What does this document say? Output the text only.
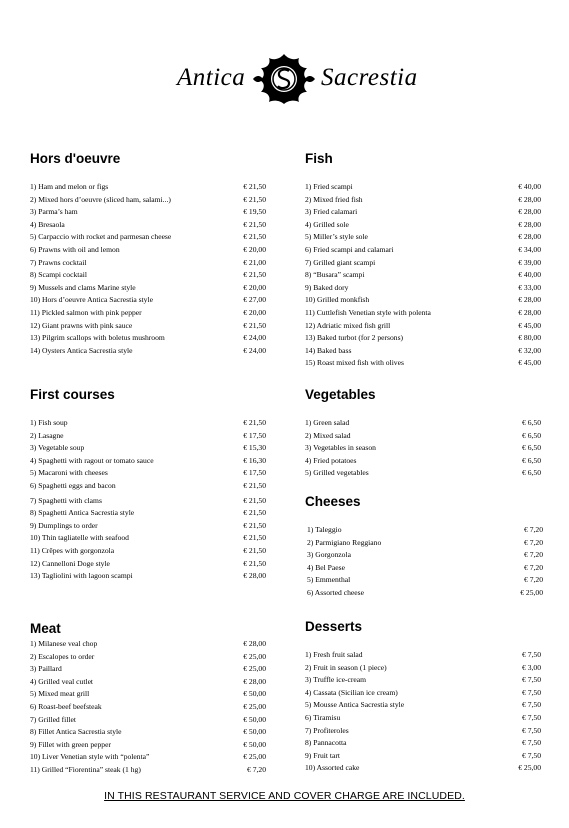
Antica	Sacrestia
Hors d'oeuvre
1) Ham and melon or figs	€ 21,50
2) Mixed hors d’oeuvre (sliced ham, salami...)	€ 21,50
3) Parma’s ham	€ 19,50
4) Bresaola	€ 21,50
5) Carpaccio with rocket and parmesan cheese	€ 21,50
6) Prawns with oil and lemon	€ 20,00
7) Prawns cocktail	€ 21,00
8) Scampi cocktail	€ 21,50
9) Mussels and clams Marine style	€ 20,00
10) Hors d’oeuvre Antica Sacrestia style	€ 27,00
11) Pickled salmon with pink pepper	€ 20,00
12) Giant prawns with pink sauce	€ 21,50
13) Pilgrim scallops with boletus mushroom	€ 24,00
14) Oysters Antica Sacrestia style	€ 24,00
First courses
1) Fish soup	€ 21,50
2) Lasagne	€ 17,50
3) Vegetable soup	€ 15,30
4) Spaghetti with ragout or tomato sauce	€ 16,30
5) Macaroni with cheeses	€ 17,50
6) Spaghetti eggs and bacon	€ 21,50
7) Spaghetti with clams	€ 21,50
8) Spaghetti Antica Sacrestia style	€ 21,50
9) Dumplings to order	€ 21,50
10) Thin tagliatelle with seafood	€ 21,50
11) Crêpes with gorgonzola	€ 21,50
12) Cannelloni Doge style	€ 21,50
13) Tagliolini with lagoon scampi	€ 28,00
Meat
1) Milanese veal chop	€ 28,00
2) Escalopes to order	€ 25,00
3) Paillard	€ 25,00
4) Grilled veal cutlet	€ 28,00
5) Mixed meat grill	€ 50,00
6) Roast-beef beefsteak	€ 25,00
7) Grilled fillet	€ 50,00
8) Fillet Antica Sacrestia style	€ 50,00
9) Fillet with green pepper	€ 50,00
10) Liver Venetian style with “polenta”	€ 25,00
11) Grilled “Fiorentina” steak (1 hg)	€ 7,20
Fish
1) Fried scampi	€ 40,00
2) Mixed fried fish	€ 28,00
3) Fried calamari	€ 28,00
4) Grilled sole	€ 28,00
5) Miller’s style sole	€ 28,00
6) Fried scampi and calamari	€ 34,00
7) Grilled giant scampi	€ 39,00
8) “Busara” scampi	€ 40,00
9) Baked dory	€ 33,00
10) Grilled monkfish	€ 28,00
11) Cuttlefish Venetian style with polenta	€ 28,00
12) Adriatic mixed fish grill	€ 45,00
13) Baked turbot (for 2 persons)	€ 80,00
14) Baked bass	€ 32,00
15) Roast mixed fish with olives	€ 45,00
Vegetables
1) Green salad	€ 6,50
2) Mixed salad	€ 6,50
3) Vegetables in season	€ 6,50
4) Fried potatoes	€ 6,50
5) Grilled vegetables	€ 6,50
Cheeses
1) Taleggio	€ 7,20
2) Parmigiano Reggiano	€ 7,20
3) Gorgonzola	€ 7,20
4) Bel Paese	€ 7,20
5) Emmenthal	€ 7,20
6) Assorted cheese	€ 25,00
Desserts
1) Fresh fruit salad	€ 7,50
2) Fruit in season (1 piece)	€ 3,00
3) Truffle ice-cream	€ 7,50
4) Cassata (Sicilian ice cream)	€ 7,50
5) Mousse Antica Sacrestia style	€ 7,50
6) Tiramisu	€ 7,50
7) Profiteroles	€ 7,50
8) Pannacotta	€ 7,50
9) Fruit tart	€ 7,50
10) Assorted cake	€ 25,00
IN THIS RESTAURANT SERVICE AND COVER CHARGE ARE INCLUDED.
